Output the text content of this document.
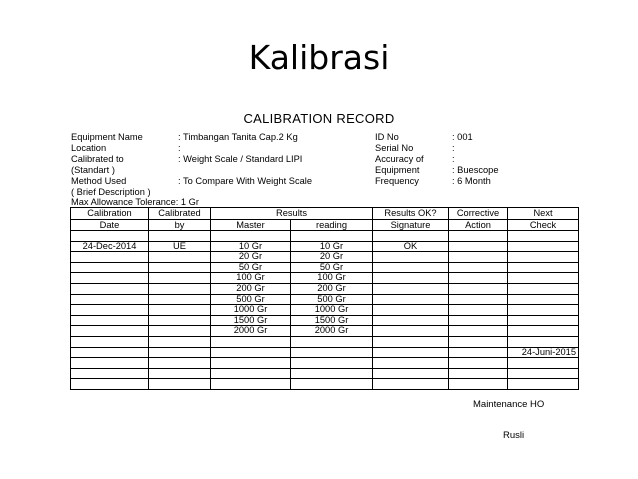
Kalibrasi
CALIBRATION RECORD
Equipment Name	: Timbangan Tanita Cap.2 Kg	ID No	: 001
Location	:	Serial No	:
Calibrated to	: Weight Scale / Standard LIPI	Accuracy of	:
(Standart )	Equipment	: Buescope
Method Used	: To Compare With Weight Scale	Frequency	: 6 Month
( Brief Description )
Max Allowance Tolerance: 1 Gr
Calibration	Calibrated	Results		Results OK?	Corrective	Next
Date	by	Master	reading	Signature	Action	Check

24-Dec-2014	UE	10 Gr	10 Gr	OK		
		20 Gr	20 Gr			
		50 Gr	50 Gr			
		100 Gr	100 Gr			
		200 Gr	200 Gr			
		500 Gr	500 Gr			
		1000 Gr	1000 Gr			
		1500 Gr	1500 Gr			
		2000 Gr	2000 Gr			

						24-Juni-2015

Maintenance HO
Rusli
